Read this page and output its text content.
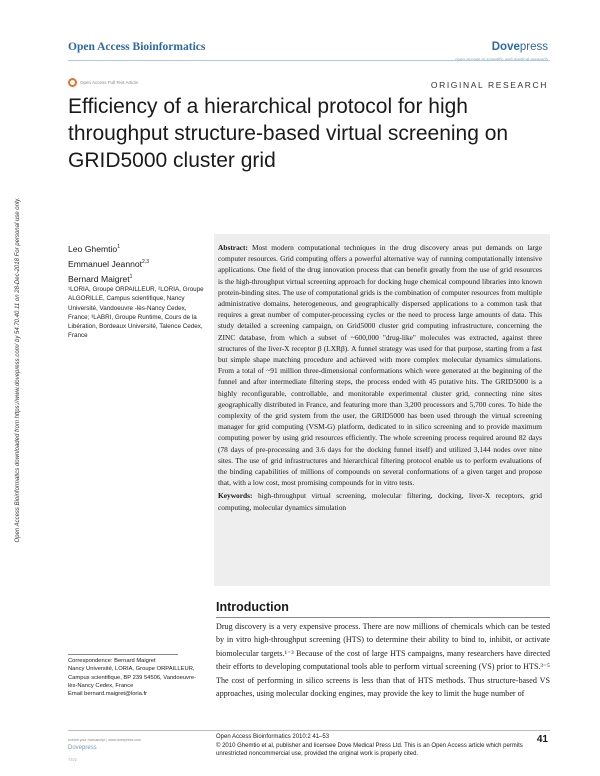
Open Access Bioinformatics	Dovepress
open access to scientific and medical research
Open Access Full Text Article	ORIGINAL RESEARCH
Efficiency of a hierarchical protocol for high throughput structure-based virtual screening on GRID5000 cluster grid
Open Access Bioinformatics downloaded from https://www.dovepress.com/ by 54.70.40.11 on 28-Dec-2018 For personal use only.	Leo Ghemtio$^1$
Emmanuel Jeannot$^{2,3}$
Bernard Maigret$^1$
¹LORIA, Groupe ORPAILLEUR, ²LORIA, Groupe ALGORILLE, Campus scientifique, Nancy Université, Vandoeuvre -lès-Nancy Cedex, France; ³LABRI, Groupe Runtime, Cours de la Libération, Bordeaux Université, Talence Cedex, France
Abstract: Most modern computational techniques in the drug discovery areas put demands on large computer resources. Grid computing offers a powerful alternative way of running computationally intensive applications. One field of the drug innovation process that can benefit greatly from the use of grid resources is the high-throughput virtual screening approach for docking huge chemical compound libraries into known protein-binding sites. The use of computational grids is the combination of computer resources from multiple administrative domains, heterogeneous, and geographically dispersed applications to a common task that requires a great number of computer-processing cycles or the need to process large amounts of data. This study detailed a screening campaign, on Grid5000 cluster grid computing infrastructure, concerning the ZINC database, from which a subset of ~600,000 "drug-like" molecules was extracted, against three structures of the liver-X receptor β (LXRβ). A funnel strategy was used for that purpose, starting from a fast but simple shape matching procedure and achieved with more complex molecular dynamics simulations. From a total of ~91 million three-dimensional conformations which were generated at the beginning of the funnel and after intermediate filtering steps, the process ended with 45 putative hits. The GRID5000 is a highly reconfigurable, controllable, and monitorable experimental cluster grid, connecting nine sites geographically distributed in France, and featuring more than 3,200 processors and 5,700 cores. To hide the complexity of the grid system from the user, the GRID5000 has been used through the virtual screening manager for grid computing (VSM-G) platform, dedicated to in silico screening and to provide maximum computing power by using grid resources efficiently. The whole screening process required around 82 days (78 days of pre-processing and 3.6 days for the docking funnel itself) and utilized 3,144 nodes over nine sites. The use of grid infrastructures and hierarchical filtering protocol enable us to perform evaluations of the binding capabilities of millions of compounds on several conformations of a given target and propose that, with a low cost, most promising compounds for in vitro tests.
Keywords: high-throughput virtual screening, molecular filtering, docking, liver-X receptors, grid computing, molecular dynamics simulation
Introduction
Drug discovery is a very expensive process. There are now millions of chemicals which can be tested by in vitro high-throughput screening (HTS) to determine their ability to bind to, inhibit, or activate biomolecular targets.¹⁻³ Because of the cost of large HTS campaigns, many researchers have directed their efforts to developing computational tools able to perform virtual screening (VS) prior to HTS.³⁻⁵ The cost of performing in silico screens is less than that of HTS methods. Thus structure-based VS approaches, using molecular docking engines, may provide the key to limit the huge number of
Correspondence: Bernard Maigret
Nancy Université, LORIA, Groupe ORPAILLEUR, Campus scientifique, BP 239 54506, Vandoeuvre-lès-Nancy Cedex, France
Email bernard.maigret@loria.fr
submit your manuscript | www.dovepress.com
Dovepress
7372
Open Access Bioinformatics 2010:2 41–53
© 2010 Ghemtio et al, publisher and licensee Dove Medical Press Ltd. This is an Open Access article which permits unrestricted noncommercial use, provided the original work is properly cited.
41
